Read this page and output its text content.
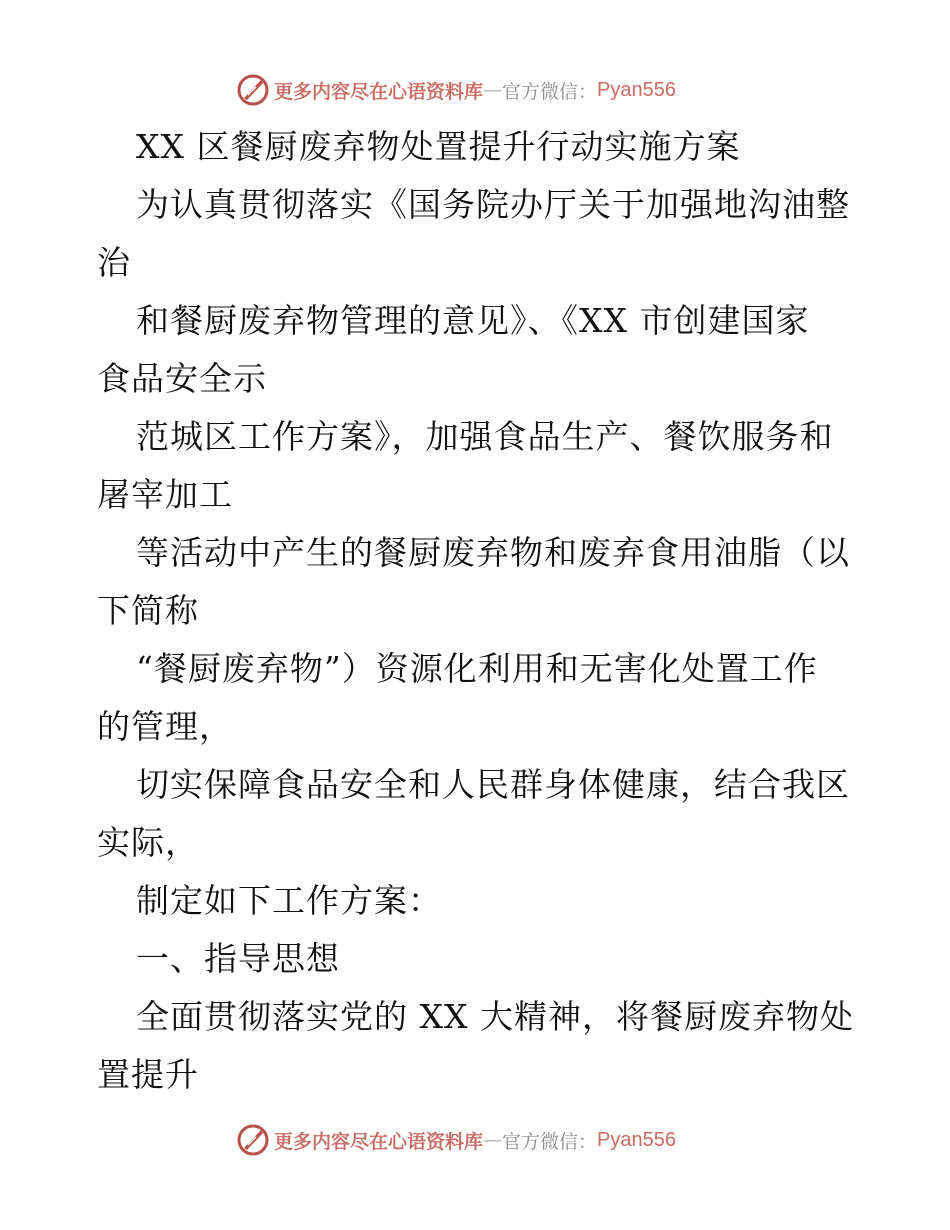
更多内容尽在心语资料库 — 官方微信： Pyan556
XX 区餐厨废弃物处置提升行动实施方案
为认真贯彻落实《国务院办厅关于加强地沟油整
治
和餐厨废弃物管理的意见》、《XX 市创建国家
食品安全示
范城区工作方案》，加强食品生产、餐饮服务和
屠宰加工
等活动中产生的餐厨废弃物和废弃食用油脂（以
下简称
“餐厨废弃物”）资源化利用和无害化处置工作
的管理，
切实保障食品安全和人民群身体健康，结合我区
实际，
制定如下工作方案：
一、指导思想
全面贯彻落实党的 XX 大精神，将餐厨废弃物处
置提升
更多内容尽在心语资料库 — 官方微信： Pyan556
